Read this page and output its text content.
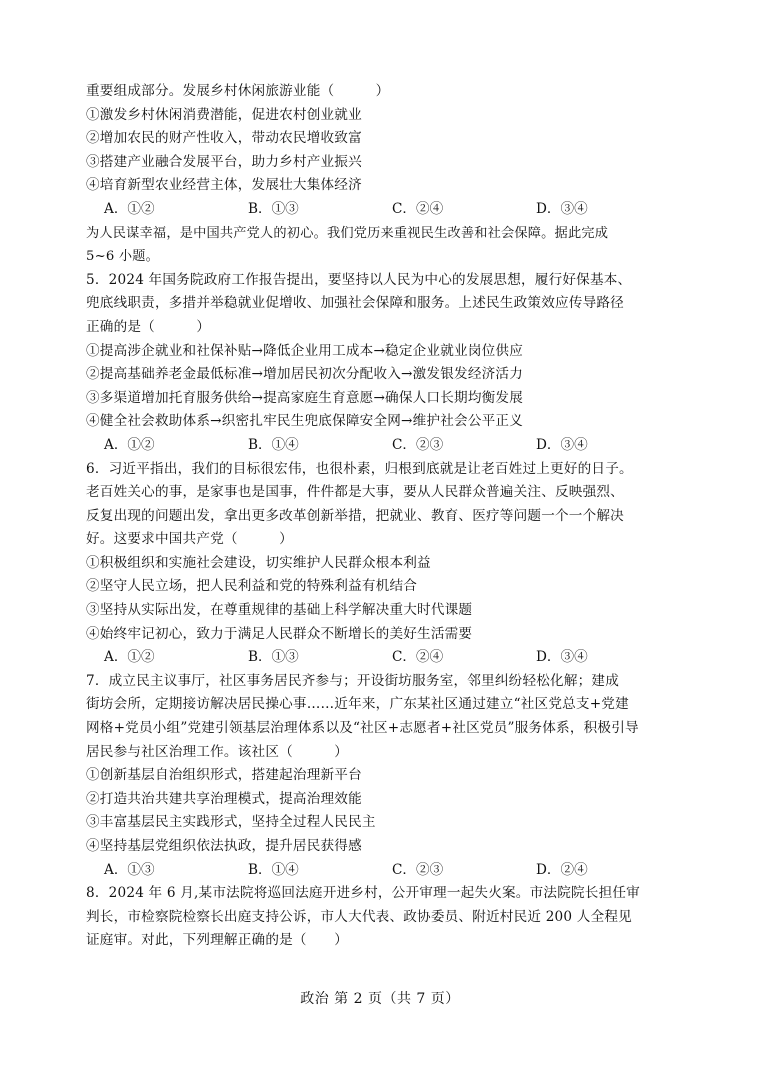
重要组成部分。发展乡村休闲旅游业能（　　　）
①激发乡村休闲消费潜能，促进农村创业就业
②增加农民的财产性收入，带动农民增收致富
③搭建产业融合发展平台，助力乡村产业振兴
④培育新型农业经营主体，发展壮大集体经济
A．①②	B．①③	C．②④	D．③④
为人民谋幸福，是中国共产党人的初心。我们党历来重视民生改善和社会保障。据此完成
5~6 小题。
5．2024 年国务院政府工作报告提出，要坚持以人民为中心的发展思想，履行好保基本、
兜底线职责，多措并举稳就业促增收、加强社会保障和服务。上述民生政策效应传导路径
正确的是（　　　）
①提高涉企就业和社保补贴→降低企业用工成本→稳定企业就业岗位供应
②提高基础养老金最低标准→增加居民初次分配收入→激发银发经济活力
③多渠道增加托育服务供给→提高家庭生育意愿→确保人口长期均衡发展
④健全社会救助体系→织密扎牢民生兜底保障安全网→维护社会公平正义
A．①②	B．①④	C．②③	D．③④
6．习近平指出，我们的目标很宏伟，也很朴素，归根到底就是让老百姓过上更好的日子。
老百姓关心的事，是家事也是国事，件件都是大事，要从人民群众普遍关注、反映强烈、
反复出现的问题出发，拿出更多改革创新举措，把就业、教育、医疗等问题一个一个解决
好。这要求中国共产党（　　　）
①积极组织和实施社会建设，切实维护人民群众根本利益
②坚守人民立场，把人民利益和党的特殊利益有机结合
③坚持从实际出发，在尊重规律的基础上科学解决重大时代课题
④始终牢记初心，致力于满足人民群众不断增长的美好生活需要
A．①②	B．①③	C．②④	D．③④
7．成立民主议事厅，社区事务居民齐参与；开设街坊服务室，邻里纠纷轻松化解；建成
街坊会所，定期接访解决居民操心事……近年来，广东某社区通过建立“社区党总支+党建
网格+党员小组”党建引领基层治理体系以及“社区+志愿者+社区党员”服务体系，积极引导
居民参与社区治理工作。该社区（　　　）
①创新基层自治组织形式，搭建起治理新平台
②打造共治共建共享治理模式，提高治理效能
③丰富基层民主实践形式，坚持全过程人民民主
④坚持基层党组织依法执政，提升居民获得感
A．①③	B．①④	C．②③	D．②④
8．2024 年 6 月,某市法院将巡回法庭开进乡村，公开审理一起失火案。市法院院长担任审
判长，市检察院检察长出庭支持公诉，市人大代表、政协委员、附近村民近 200 人全程见
证庭审。对此，下列理解正确的是（　　）
政治 第 2 页（共 7 页）
